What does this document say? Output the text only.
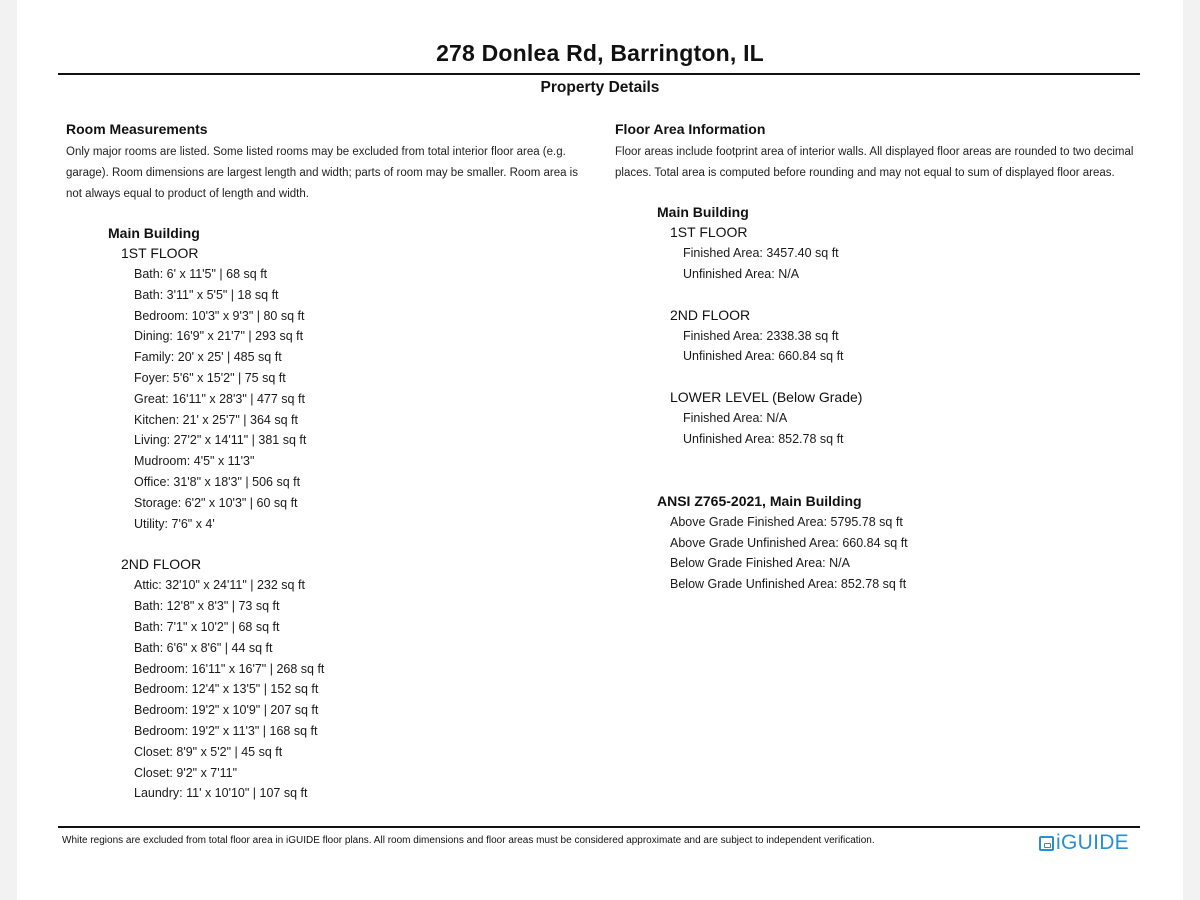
278 Donlea Rd, Barrington, IL
Property Details
Room Measurements

Only major rooms are listed. Some listed rooms may be excluded from total interior floor area (e.g. garage). Room dimensions are largest length and width; parts of room may be smaller. Room area is not always equal to product of length and width.

Main Building
1ST FLOOR
Bath: 6' x 11'5" | 68 sq ft
Bath: 3'11" x 5'5" | 18 sq ft
Bedroom: 10'3" x 9'3" | 80 sq ft
Dining: 16'9" x 21'7" | 293 sq ft
Family: 20' x 25' | 485 sq ft
Foyer: 5'6" x 15'2" | 75 sq ft
Great: 16'11" x 28'3" | 477 sq ft
Kitchen: 21' x 25'7" | 364 sq ft
Living: 27'2" x 14'11" | 381 sq ft
Mudroom: 4'5" x 11'3"
Office: 31'8" x 18'3" | 506 sq ft
Storage: 6'2" x 10'3" | 60 sq ft
Utility: 7'6" x 4'
2ND FLOOR
Attic: 32'10" x 24'11" | 232 sq ft
Bath: 12'8" x 8'3" | 73 sq ft
Bath: 7'1" x 10'2" | 68 sq ft
Bath: 6'6" x 8'6" | 44 sq ft
Bedroom: 16'11" x 16'7" | 268 sq ft
Bedroom: 12'4" x 13'5" | 152 sq ft
Bedroom: 19'2" x 10'9" | 207 sq ft
Bedroom: 19'2" x 11'3" | 168 sq ft
Closet: 8'9" x 5'2" | 45 sq ft
Closet: 9'2" x 7'11"
Laundry: 11' x 10'10" | 107 sq ft
Floor Area Information

Floor areas include footprint area of interior walls. All displayed floor areas are rounded to two decimal places. Total area is computed before rounding and may not equal to sum of displayed floor areas.

Main Building
1ST FLOOR
Finished Area: 3457.40 sq ft
Unfinished Area: N/A
2ND FLOOR
Finished Area: 2338.38 sq ft
Unfinished Area: 660.84 sq ft
LOWER LEVEL (Below Grade)
Finished Area: N/A
Unfinished Area: 852.78 sq ft
ANSI Z765-2021, Main Building
Above Grade Finished Area: 5795.78 sq ft
Above Grade Unfinished Area: 660.84 sq ft
Below Grade Finished Area: N/A
Below Grade Unfinished Area: 852.78 sq ft
White regions are excluded from total floor area in iGUIDE floor plans. All room dimensions and floor areas must be considered approximate and are subject to independent verification.	iGUIDE
